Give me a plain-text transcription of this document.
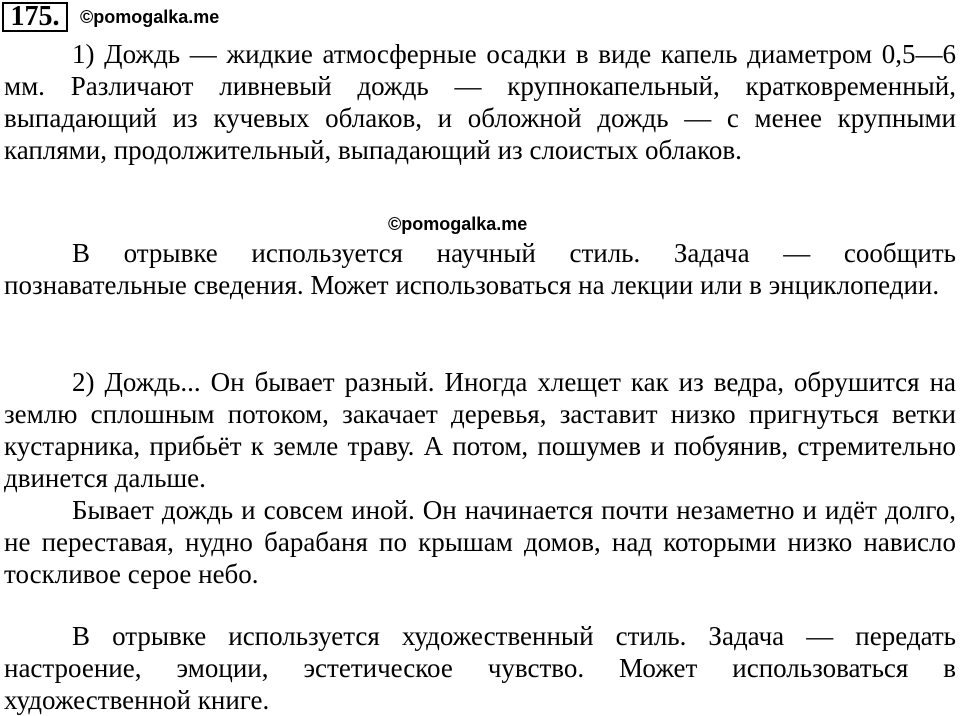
175.	©pomogalka.me

1) Дождь — жидкие атмосферные осадки в виде капель диаметром 0,5—6 мм. Различают ливневый дождь — крупнокапельный, кратковременный, выпадающий из кучевых облаков, и обложной дождь — с менее крупными каплями, продолжительный, выпадающий из слоистых облаков.

©pomogalka.me

В отрывке используется научный стиль. Задача — сообщить познавательные сведения. Может использоваться на лекции или в энциклопедии.

2) Дождь... Он бывает разный. Иногда хлещет как из ведра, обрушится на землю сплошным потоком, закачает деревья, заставит низко пригнуться ветки кустарника, прибьёт к земле траву. А потом, пошумев и побуянив, стремительно двинется дальше.

Бывает дождь и совсем иной. Он начинается почти незаметно и идёт долго, не переставая, нудно барабаня по крышам домов, над которыми низко нависло тоскливое серое небо.

В отрывке используется художественный стиль. Задача — передать настроение, эмоции, эстетическое чувство. Может использоваться в художественной книге.
